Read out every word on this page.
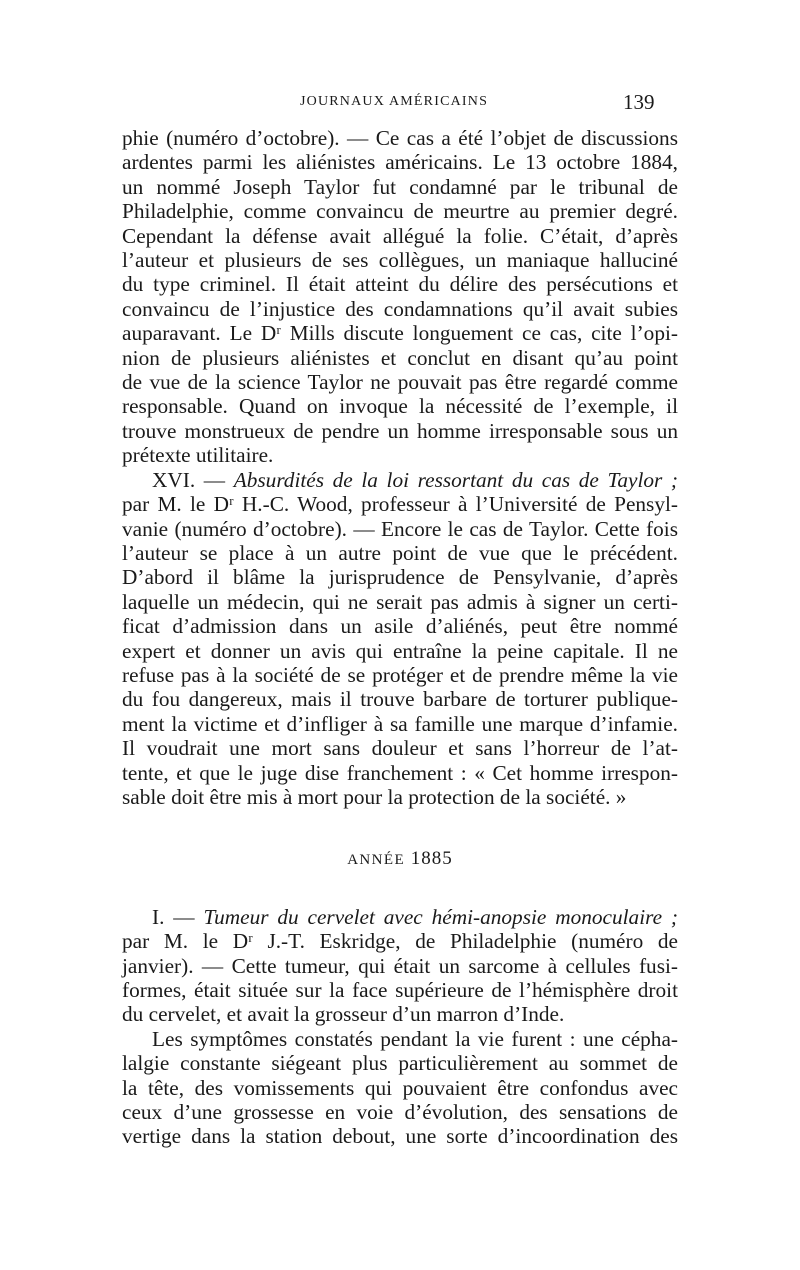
JOURNAUX AMÉRICAINS	139

phie (numéro d’octobre). — Ce cas a été l’objet de discussions
ardentes parmi les aliénistes américains. Le 13 octobre 1884,
un nommé Joseph Taylor fut condamné par le tribunal de
Philadelphie, comme convaincu de meurtre au premier degré.
Cependant la défense avait allégué la folie. C’était, d’après
l’auteur et plusieurs de ses collègues, un maniaque halluciné
du type criminel. Il était atteint du délire des persécutions et
convaincu de l’injustice des condamnations qu’il avait subies
auparavant. Le Dʳ Mills discute longuement ce cas, cite l’opi-
nion de plusieurs aliénistes et conclut en disant qu’au point
de vue de la science Taylor ne pouvait pas être regardé comme
responsable. Quand on invoque la nécessité de l’exemple, il
trouve monstrueux de pendre un homme irresponsable sous un
prétexte utilitaire.

XVI. — Absurdités de la loi ressortant du cas de Taylor ;
par M. le Dʳ H.-C. Wood, professeur à l’Université de Pensyl-
vanie (numéro d’octobre). — Encore le cas de Taylor. Cette fois
l’auteur se place à un autre point de vue que le précédent.
D’abord il blâme la jurisprudence de Pensylvanie, d’après
laquelle un médecin, qui ne serait pas admis à signer un certi-
ficat d’admission dans un asile d’aliénés, peut être nommé
expert et donner un avis qui entraîne la peine capitale. Il ne
refuse pas à la société de se protéger et de prendre même la vie
du fou dangereux, mais il trouve barbare de torturer publique-
ment la victime et d’infliger à sa famille une marque d’infamie.
Il voudrait une mort sans douleur et sans l’horreur de l’at-
tente, et que le juge dise franchement : « Cet homme irrespon-
sable doit être mis à mort pour la protection de la société. »

ANNÉE 1885

I. — Tumeur du cervelet avec hémi-anopsie monoculaire ;
par M. le Dʳ J.-T. Eskridge, de Philadelphie (numéro de
janvier). — Cette tumeur, qui était un sarcome à cellules fusi-
formes, était située sur la face supérieure de l’hémisphère droit
du cervelet, et avait la grosseur d’un marron d’Inde.

Les symptômes constatés pendant la vie furent : une cépha-
lalgie constante siégeant plus particulièrement au sommet de
la tête, des vomissements qui pouvaient être confondus avec
ceux d’une grossesse en voie d’évolution, des sensations de
vertige dans la station debout, une sorte d’incoordination des
